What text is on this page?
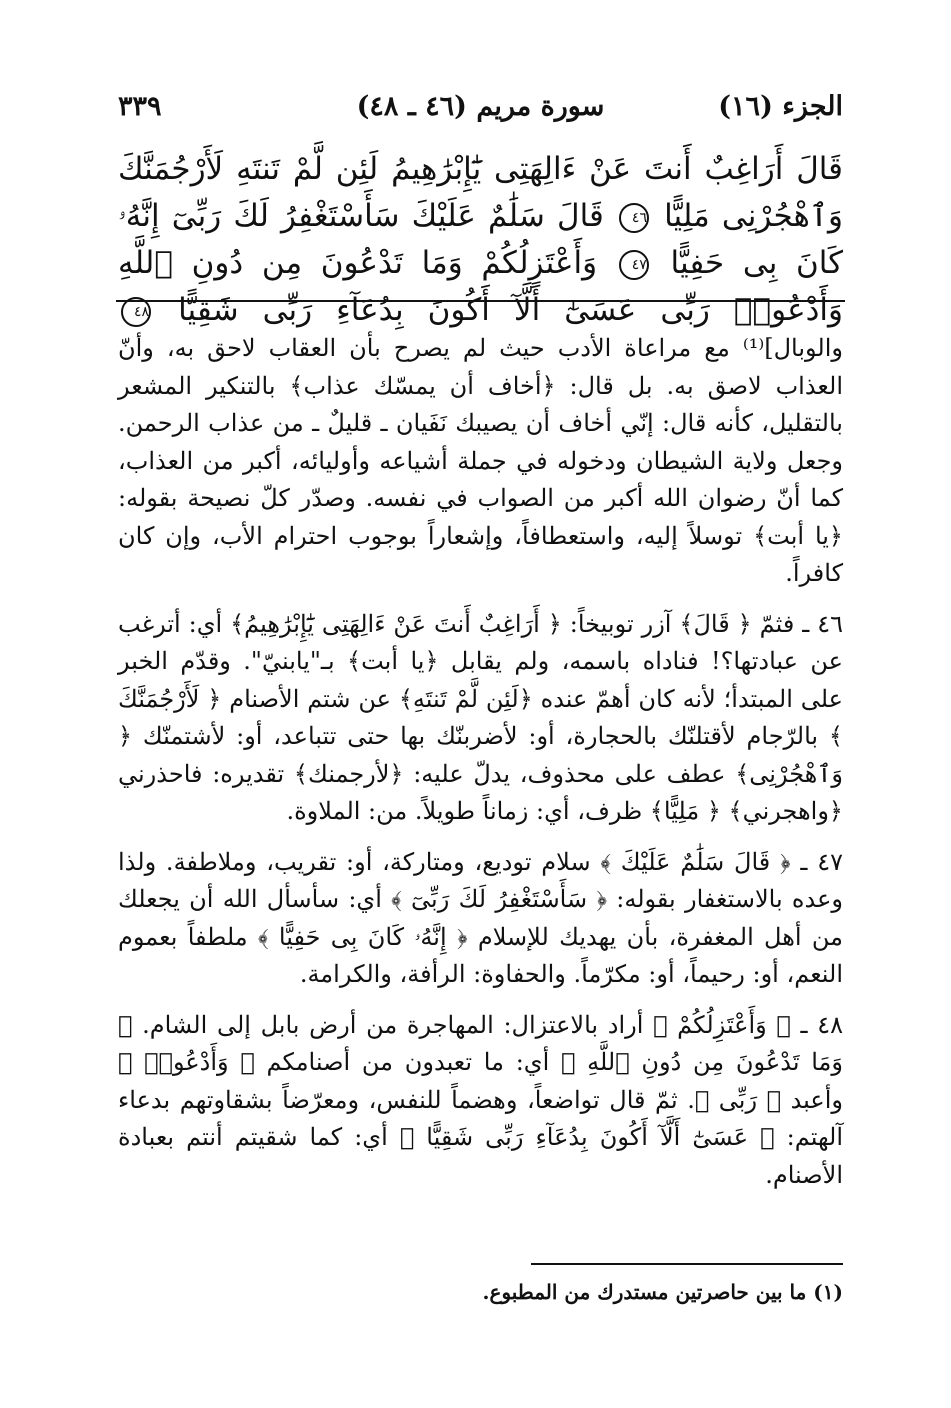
الجزء (١٦)
سورة مريم (٤٦ ـ ٤٨)
٣٣٩
قَالَ أَرَاغِبٌ أَنتَ عَنْ ءَالِهَتِى يَٰٓإِبْرَٰهِيمُ لَئِن لَّمْ تَنتَهِ لَأَرْجُمَنَّكَ وَٱهْجُرْنِى مَلِيًّا ٤٦ قَالَ سَلَٰمٌ عَلَيْكَ سَأَسْتَغْفِرُ لَكَ رَبِّىٓ إِنَّهُۥ كَانَ بِى حَفِيًّا ٤٧ وَأَعْتَزِلُكُمْ وَمَا تَدْعُونَ مِن دُونِ ٱللَّهِ وَأَدْعُوا۟ رَبِّى عَسَىٰٓ أَلَّآ أَكُونَ بِدُعَآءِ رَبِّى شَقِيًّا ٤٨

والوبال]⁽¹⁾ مع مراعاة الأدب حيث لم يصرح بأن العقاب لاحق به، وأنّ العذاب لاصق به. بل قال: ﴿أخاف أن يمسّك عذاب﴾ بالتنكير المشعر بالتقليل، كأنه قال: إنّي أخاف أن يصيبك نَفَيان ـ قليلٌ ـ من عذاب الرحمن. وجعل ولاية الشيطان ودخوله في جملة أشياعه وأوليائه، أكبر من العذاب، كما أنّ رضوان الله أكبر من الصواب في نفسه. وصدّر كلّ نصيحة بقوله: ﴿يا أبت﴾ توسلاً إليه، واستعطافاً، وإشعاراً بوجوب احترام الأب، وإن كان كافراً.

٤٦ ـ فثمّ ﴿ قَالَ﴾ آزر توبيخاً: ﴿ أَرَاغِبٌ أَنتَ عَنْ ءَالِهَتِى يَٰٓإِبْرَٰهِيمُ﴾ أي: أترغب عن عبادتها؟! فناداه باسمه، ولم يقابل ﴿يا أبت﴾ بـ"يابنيّ". وقدّم الخبر على المبتدأ؛ لأنه كان أهمّ عنده ﴿لَئِن لَّمْ تَنتَهِ﴾ عن شتم الأصنام ﴿ لَأَرْجُمَنَّكَ ﴾ بالرّجام لأقتلنّك بالحجارة، أو: لأضربنّك بها حتى تتباعد، أو: لأشتمنّك ﴿ وَٱهْجُرْنِى﴾ عطف على محذوف، يدلّ عليه: ﴿لأرجمنك﴾ تقديره: فاحذرني ﴿واهجرني﴾ ﴿ مَلِيًّا﴾ ظرف، أي: زماناً طويلاً. من: الملاوة.

٤٧ ـ ﴿ قَالَ سَلَٰمٌ عَلَيْكَ ﴾ سلام توديع، ومتاركة، أو: تقريب، وملاطفة. ولذا وعده بالاستغفار بقوله: ﴿ سَأَسْتَغْفِرُ لَكَ رَبِّىٓ ﴾ أي: سأسأل الله أن يجعلك من أهل المغفرة، بأن يهديك للإسلام ﴿ إِنَّهُۥ كَانَ بِى حَفِيًّا ﴾ ملطفاً بعموم النعم، أو: رحيماً، أو: مكرّماً. والحفاوة: الرأفة، والكرامة.

٤٨ ـ ﴿ وَأَعْتَزِلُكُمْ ﴾ أراد بالاعتزال: المهاجرة من أرض بابل إلى الشام. ﴿ وَمَا تَدْعُونَ مِن دُونِ ٱللَّهِ ﴾ أي: ما تعبدون من أصنامكم ﴿ وَأَدْعُوا۟ ﴾ وأعبد ﴿ رَبِّى ﴾. ثمّ قال تواضعاً، وهضماً للنفس، ومعرّضاً بشقاوتهم بدعاء آلهتم: ﴿ عَسَىٰٓ أَلَّآ أَكُونَ بِدُعَآءِ رَبِّى شَقِيًّا ﴾ أي: كما شقيتم أنتم بعبادة الأصنام.

(١) ما بين حاصرتين مستدرك من المطبوع.
